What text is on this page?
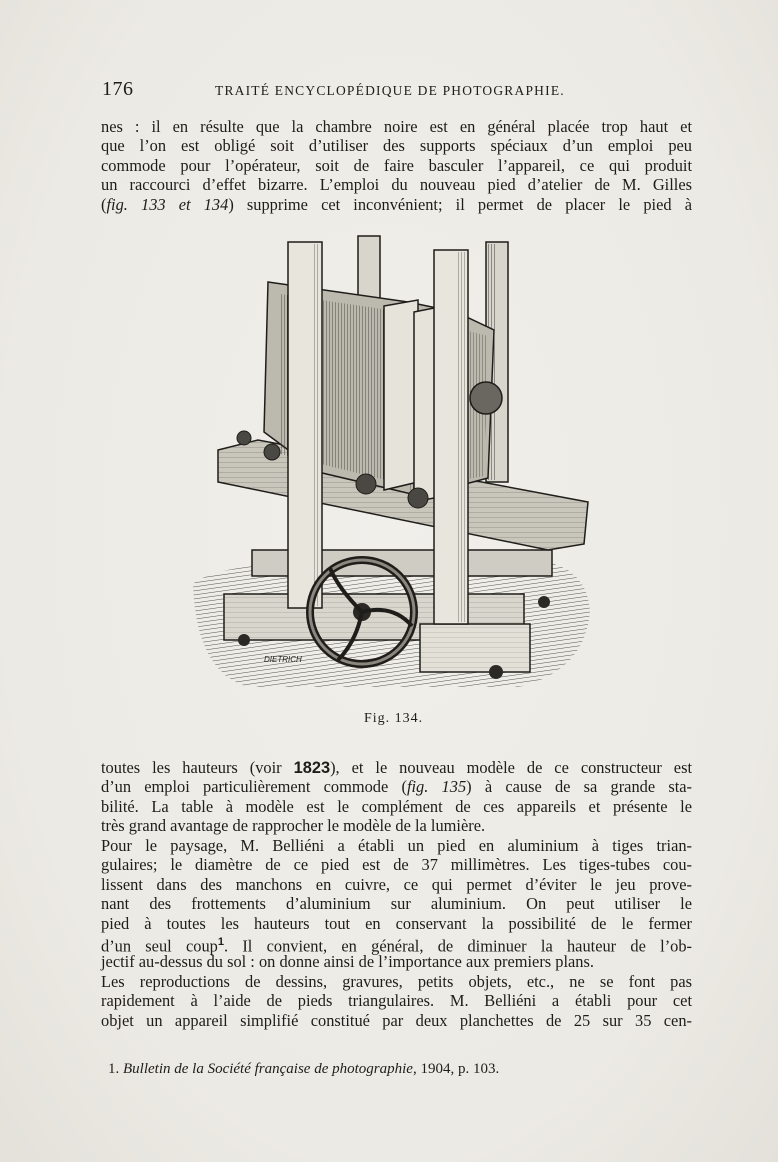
176	TRAITÉ ENCYCLOPÉDIQUE DE PHOTOGRAPHIE.
nes : il en résulte que la chambre noire est en général placée trop haut et
que l’on est obligé soit d’utiliser des supports spéciaux d’un emploi peu
commode pour l’opérateur, soit de faire basculer l’appareil, ce qui produit
un raccourci d’effet bizarre. L’emploi du nouveau pied d’atelier de M. Gilles
(fig. 133 et 134) supprime cet inconvénient; il permet de placer le pied à
DIETRICH
Fig. 134.
toutes les hauteurs (voir 1823), et le nouveau modèle de ce constructeur est
d’un emploi particulièrement commode (fig. 135) à cause de sa grande sta-
bilité. La table à modèle est le complément de ces appareils et présente le
très grand avantage de rapprocher le modèle de la lumière.
Pour le paysage, M. Belliéni a établi un pied en aluminium à tiges trian-
gulaires; le diamètre de ce pied est de 37 millimètres. Les tiges-tubes cou-
lissent dans des manchons en cuivre, ce qui permet d’éviter le jeu prove-
nant des frottements d’aluminium sur aluminium. On peut utiliser le
pied à toutes les hauteurs tout en conservant la possibilité de le fermer
d’un seul coup$^1$. Il convient, en général, de diminuer la hauteur de l’ob-
jectif au-dessus du sol : on donne ainsi de l’importance aux premiers plans.
Les reproductions de dessins, gravures, petits objets, etc., ne se font pas
rapidement à l’aide de pieds triangulaires. M. Belliéni a établi pour cet
objet un appareil simplifié constitué par deux planchettes de 25 sur 35 cen-
1. Bulletin de la Société française de photographie, 1904, p. 103.
